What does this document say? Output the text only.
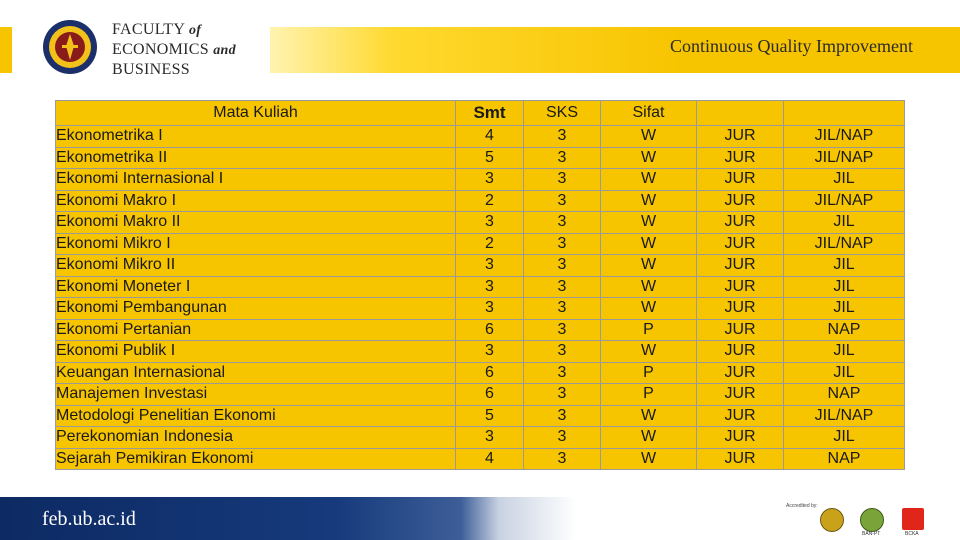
FACULTY of
ECONOMICS and
BUSINESS
Continuous Quality Improvement
Mata Kuliah	Smt	SKS	Sifat		
Ekonometrika I	4	3	W	JUR	JIL/NAP
Ekonometrika II	5	3	W	JUR	JIL/NAP
Ekonomi Internasional I	3	3	W	JUR	JIL
Ekonomi Makro I	2	3	W	JUR	JIL/NAP
Ekonomi Makro II	3	3	W	JUR	JIL
Ekonomi Mikro I	2	3	W	JUR	JIL/NAP
Ekonomi Mikro II	3	3	W	JUR	JIL
Ekonomi Moneter I	3	3	W	JUR	JIL
Ekonomi Pembangunan	3	3	W	JUR	JIL
Ekonomi Pertanian	6	3	P	JUR	NAP
Ekonomi Publik I	3	3	W	JUR	JIL
Keuangan Internasional	6	3	P	JUR	JIL
Manajemen Investasi	6	3	P	JUR	NAP
Metodologi Penelitian Ekonomi	5	3	W	JUR	JIL/NAP
Perekonomian Indonesia	3	3	W	JUR	JIL
Sejarah Pemikiran Ekonomi	4	3	W	JUR	NAP
feb.ub.ac.id
Accredited by:
BAN-PT	BCKA
